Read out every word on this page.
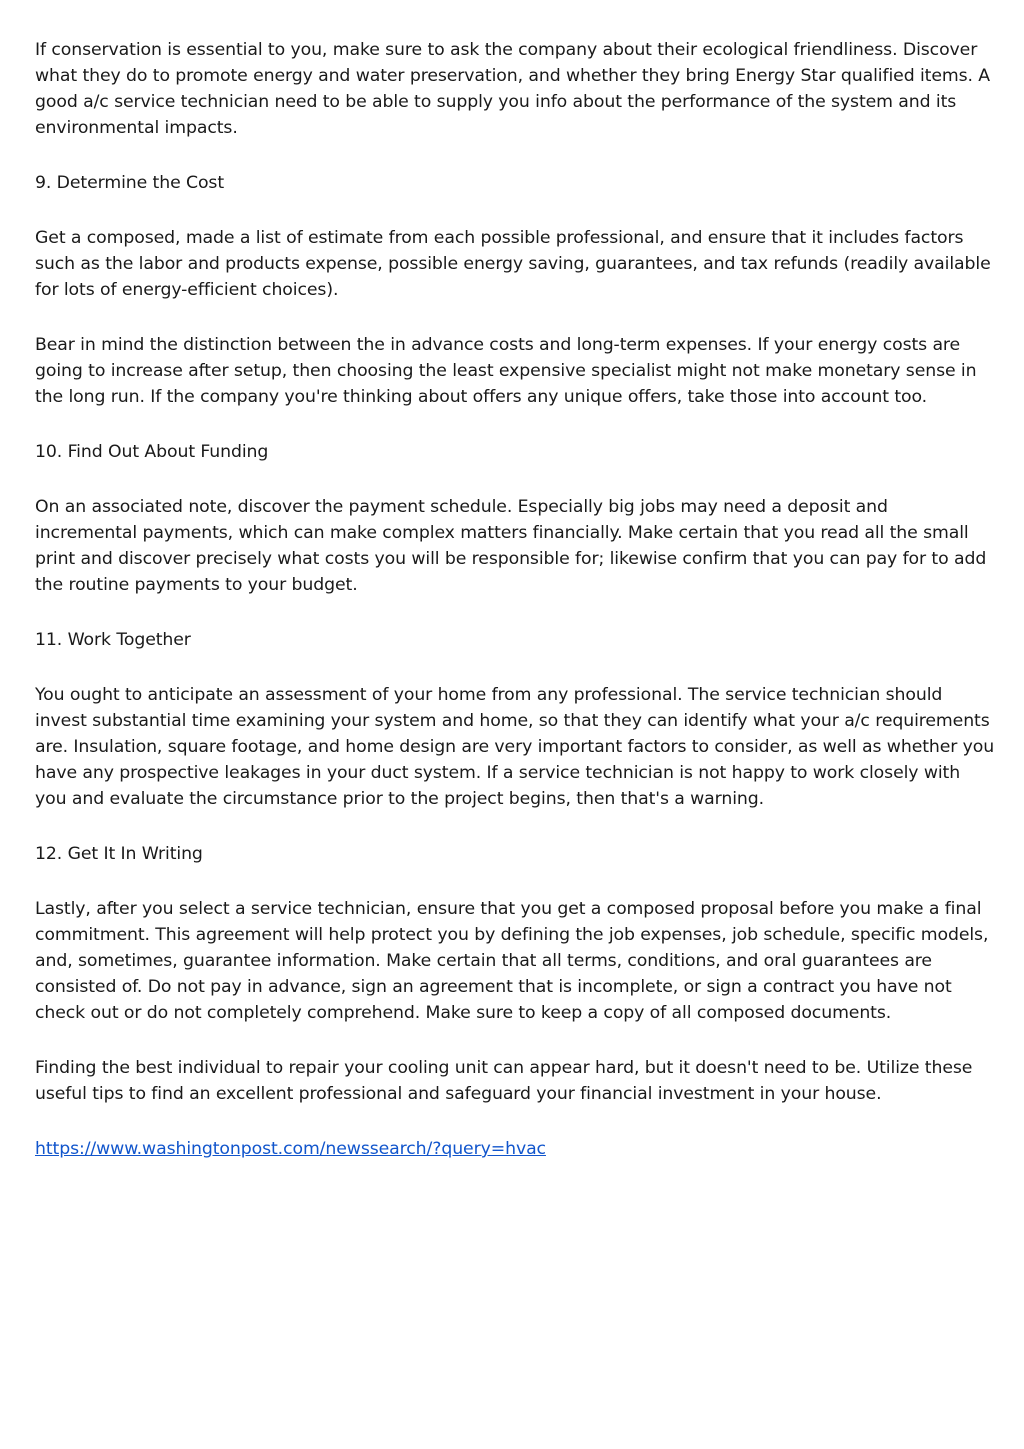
If conservation is essential to you, make sure to ask the company about their ecological friendliness. Discover what they do to promote energy and water preservation, and whether they bring Energy Star qualified items. A good a/c service technician need to be able to supply you info about the performance of the system and its environmental impacts.

9. Determine the Cost

Get a composed, made a list of estimate from each possible professional, and ensure that it includes factors such as the labor and products expense, possible energy saving, guarantees, and tax refunds (readily available for lots of energy-efficient choices).

Bear in mind the distinction between the in advance costs and long-term expenses. If your energy costs are going to increase after setup, then choosing the least expensive specialist might not make monetary sense in the long run. If the company you're thinking about offers any unique offers, take those into account too.

10. Find Out About Funding

On an associated note, discover the payment schedule. Especially big jobs may need a deposit and incremental payments, which can make complex matters financially. Make certain that you read all the small print and discover precisely what costs you will be responsible for; likewise confirm that you can pay for to add the routine payments to your budget.

11. Work Together

You ought to anticipate an assessment of your home from any professional. The service technician should invest substantial time examining your system and home, so that they can identify what your a/c requirements are. Insulation, square footage, and home design are very important factors to consider, as well as whether you have any prospective leakages in your duct system. If a service technician is not happy to work closely with you and evaluate the circumstance prior to the project begins, then that's a warning.

12. Get It In Writing

Lastly, after you select a service technician, ensure that you get a composed proposal before you make a final commitment. This agreement will help protect you by defining the job expenses, job schedule, specific models, and, sometimes, guarantee information. Make certain that all terms, conditions, and oral guarantees are consisted of. Do not pay in advance, sign an agreement that is incomplete, or sign a contract you have not check out or do not completely comprehend. Make sure to keep a copy of all composed documents.

Finding the best individual to repair your cooling unit can appear hard, but it doesn't need to be. Utilize these useful tips to find an excellent professional and safeguard your financial investment in your house.

https://www.washingtonpost.com/newssearch/?query=hvac
